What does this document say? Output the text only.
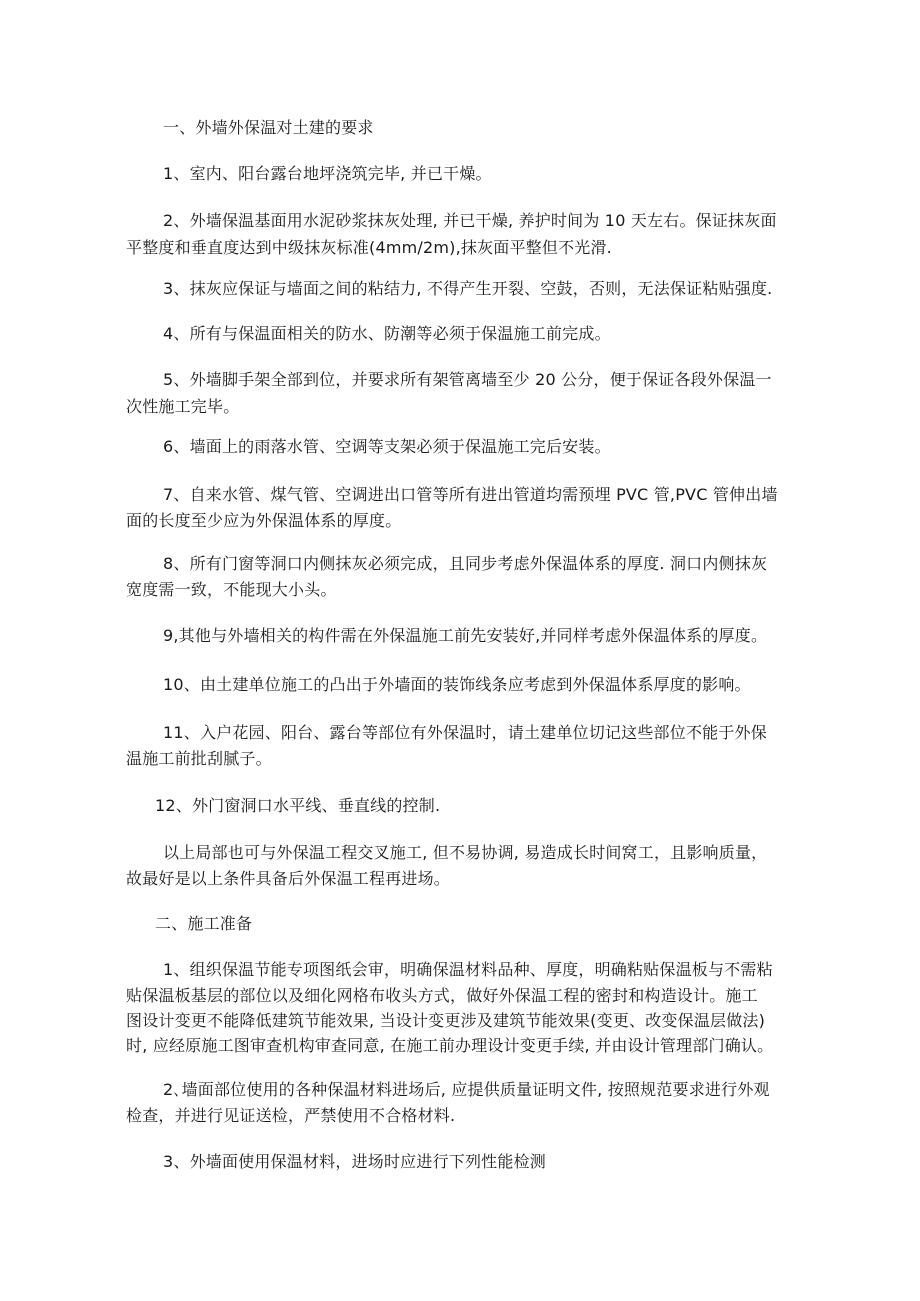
一、外墙外保温对土建的要求
1、室内、阳台露台地坪浇筑完毕, 并已干燥。
2、外墙保温基面用水泥砂浆抹灰处理, 并已干燥, 养护时间为 10 天左右。保证抹灰面
平整度和垂直度达到中级抹灰标准(4mm∕2m),抹灰面平整但不光滑.
3、抹灰应保证与墙面之间的粘结力, 不得产生开裂、空鼓，否则，无法保证粘贴强度.
4、所有与保温面相关的防水、防潮等必须于保温施工前完成。
5、外墙脚手架全部到位，并要求所有架管离墙至少 20 公分，便于保证各段外保温一
次性施工完毕。
6、墙面上的雨落水管、空调等支架必须于保温施工完后安装。
7、自来水管、煤气管、空调进出口管等所有进出管道均需预埋 PVC 管,PVC 管伸出墙
面的长度至少应为外保温体系的厚度。
8、所有门窗等洞口内侧抹灰必须完成，且同步考虑外保温体系的厚度. 洞口内侧抹灰
宽度需一致，不能现大小头。
9,其他与外墙相关的构件需在外保温施工前先安装好,并同样考虑外保温体系的厚度。
10、由土建单位施工的凸出于外墙面的装饰线条应考虑到外保温体系厚度的影响。
11、入户花园、阳台、露台等部位有外保温时，请土建单位切记这些部位不能于外保
温施工前批刮腻子。
12、外门窗洞口水平线、垂直线的控制.
以上局部也可与外保温工程交叉施工, 但不易协调, 易造成长时间窝工，且影响质量，
故最好是以上条件具备后外保温工程再进场。
二、施工准备
1、组织保温节能专项图纸会审，明确保温材料品种、厚度，明确粘贴保温板与不需粘
贴保温板基层的部位以及细化网格布收头方式，做好外保温工程的密封和构造设计。施工
图设计变更不能降低建筑节能效果, 当设计变更涉及建筑节能效果(变更、改变保温层做法)
时, 应经原施工图审查机构审查同意, 在施工前办理设计变更手续, 并由设计管理部门确认。
2､墙面部位使用的各种保温材料进场后, 应提供质量证明文件, 按照规范要求进行外观
检查，并进行见证送检，严禁使用不合格材料.
3、外墙面使用保温材料，进场时应进行下列性能检测
